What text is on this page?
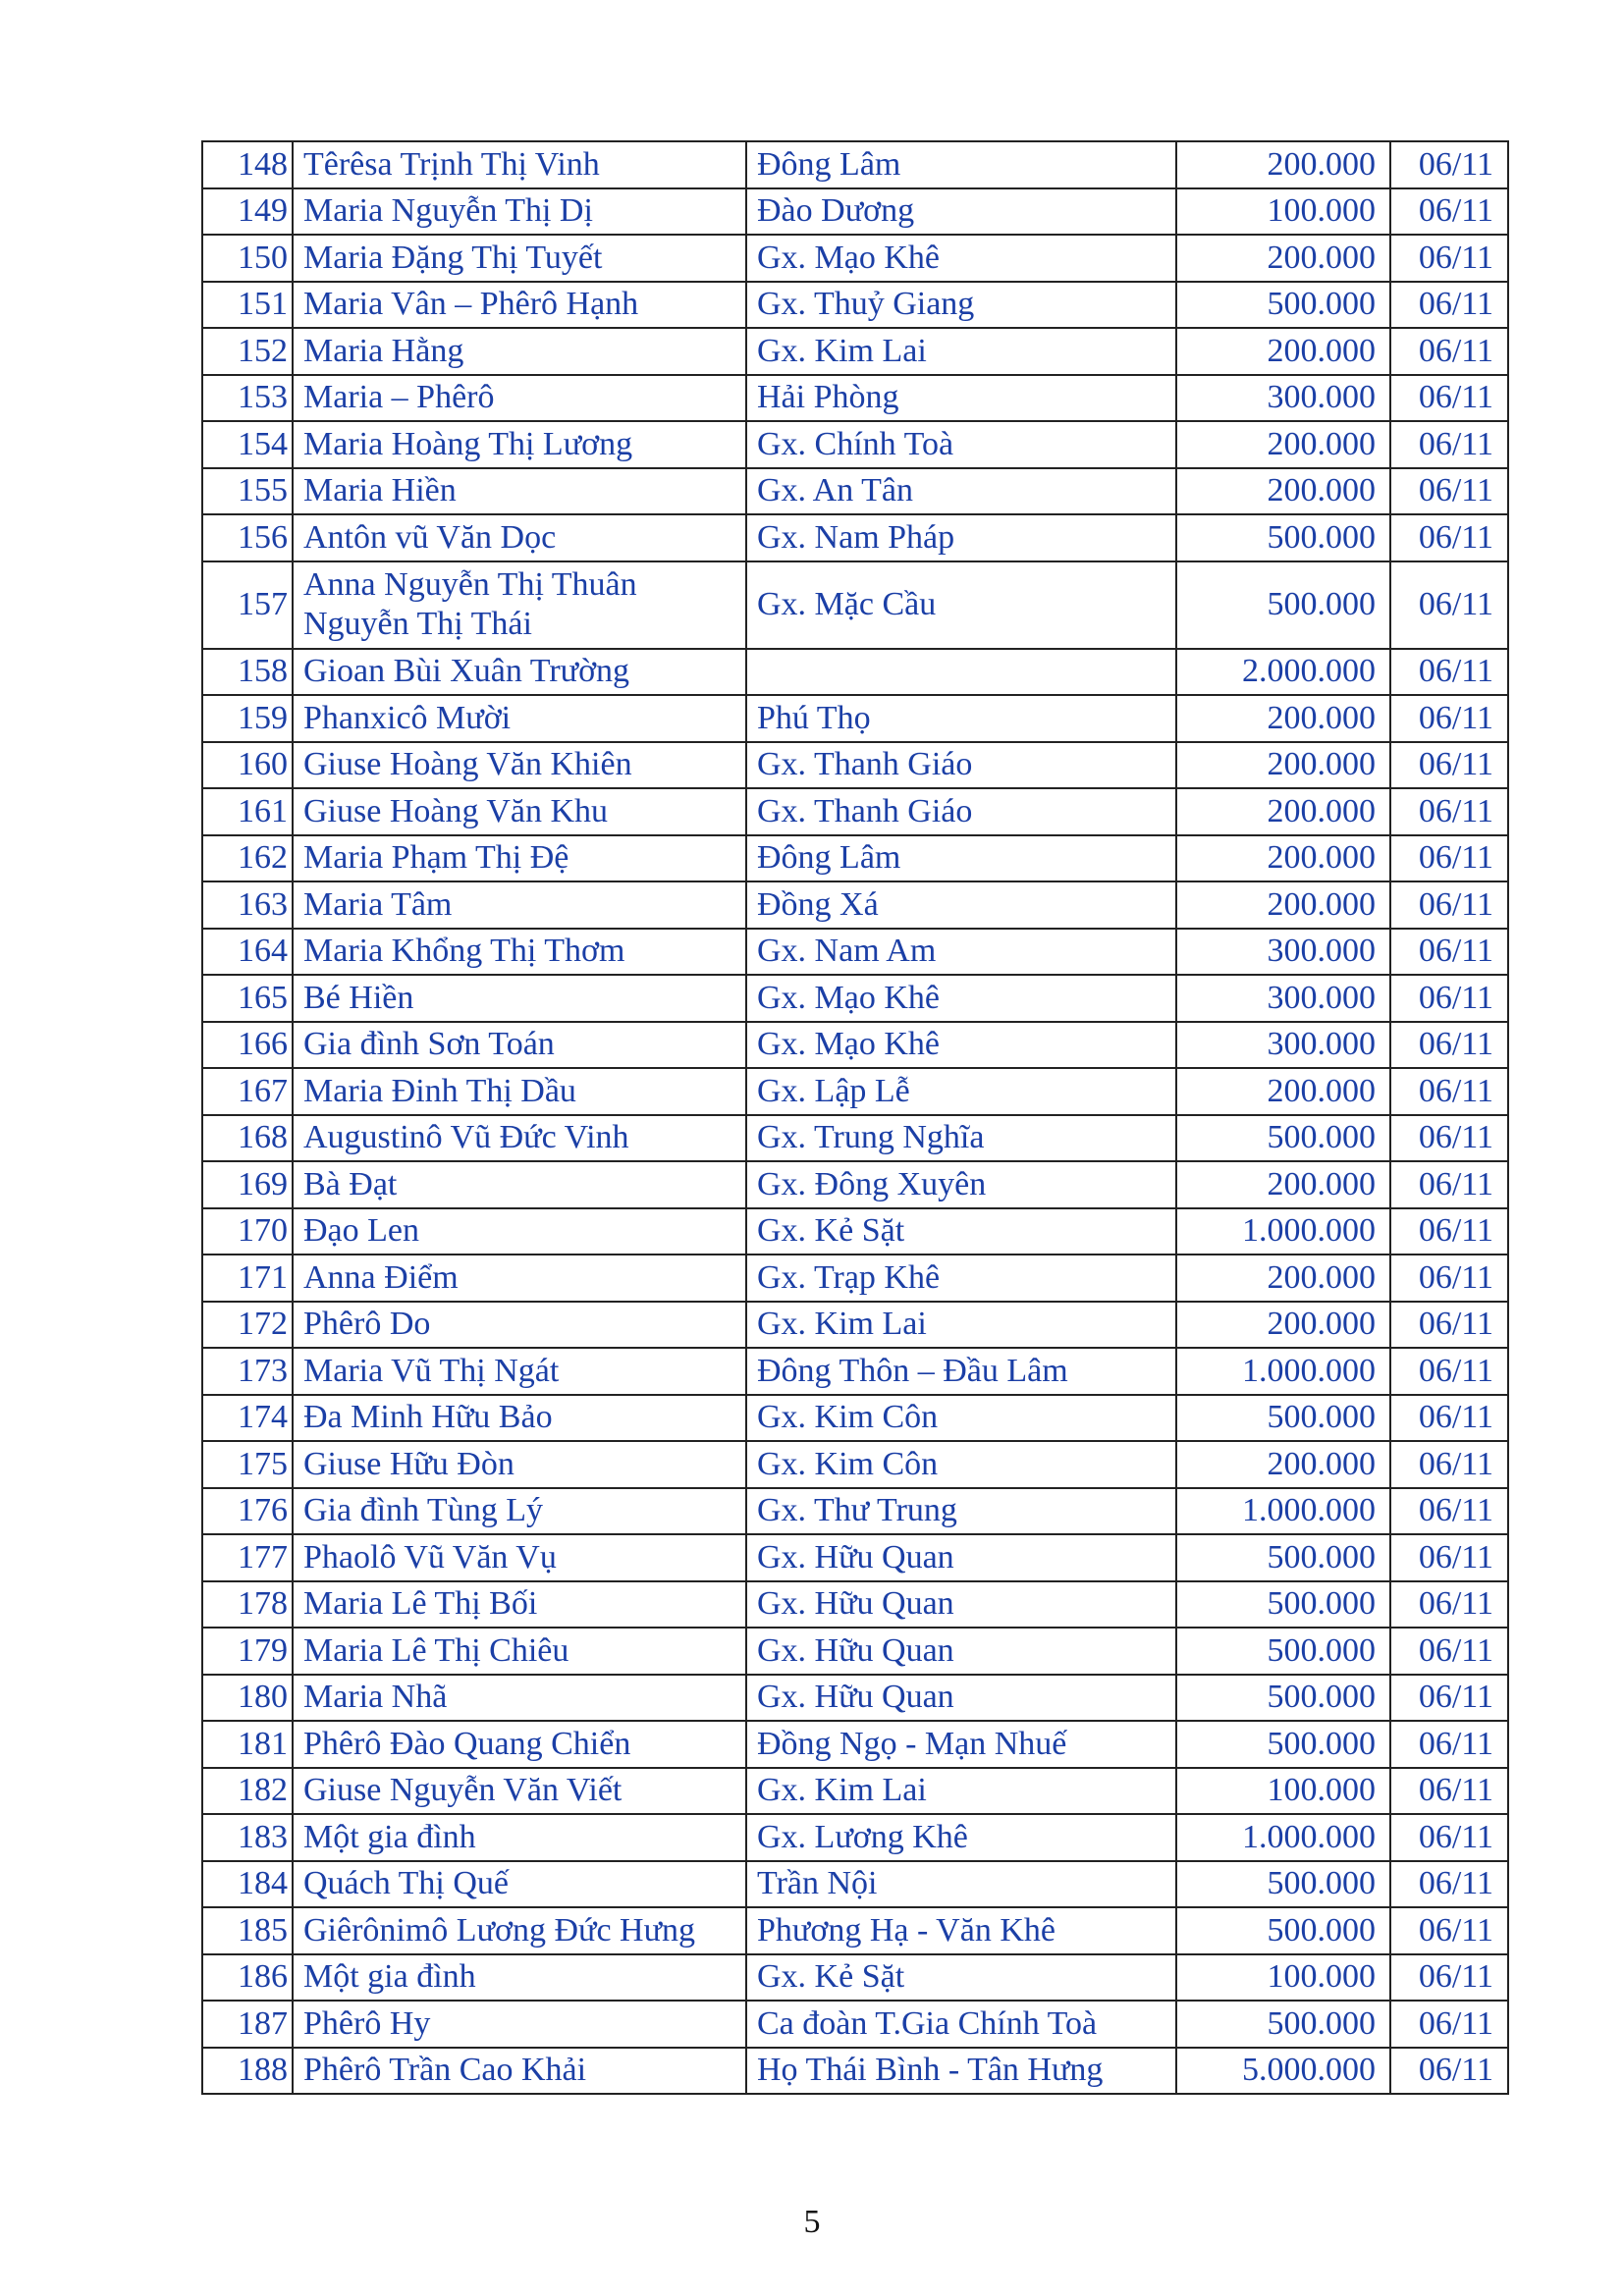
148	Têrêsa Trịnh Thị Vinh	Đông Lâm	200.000	06/11
149	Maria Nguyễn Thị Dị	Đào Dương	100.000	06/11
150	Maria Đặng Thị Tuyết	Gx. Mạo Khê	200.000	06/11
151	Maria Vân – Phêrô Hạnh	Gx. Thuỷ Giang	500.000	06/11
152	Maria Hằng	Gx. Kim Lai	200.000	06/11
153	Maria – Phêrô	Hải Phòng	300.000	06/11
154	Maria Hoàng Thị Lương	Gx. Chính Toà	200.000	06/11
155	Maria Hiền	Gx. An Tân	200.000	06/11
156	Antôn vũ Văn Dọc	Gx. Nam Pháp	500.000	06/11
157	Anna Nguyễn Thị Thuân
Nguyễn Thị Thái	Gx. Mặc Cầu	500.000	06/11
158	Gioan Bùi Xuân Trường		2.000.000	06/11
159	Phanxicô Mười	Phú Thọ	200.000	06/11
160	Giuse Hoàng Văn Khiên	Gx. Thanh Giáo	200.000	06/11
161	Giuse Hoàng Văn Khu	Gx. Thanh Giáo	200.000	06/11
162	Maria Phạm Thị Đệ	Đông Lâm	200.000	06/11
163	Maria Tâm	Đồng Xá	200.000	06/11
164	Maria Khổng Thị Thơm	Gx. Nam Am	300.000	06/11
165	Bé Hiền	Gx. Mạo Khê	300.000	06/11
166	Gia đình Sơn Toán	Gx. Mạo Khê	300.000	06/11
167	Maria Đinh Thị Dầu	Gx. Lập Lễ	200.000	06/11
168	Augustinô Vũ Đức Vinh	Gx. Trung Nghĩa	500.000	06/11
169	Bà Đạt	Gx. Đông Xuyên	200.000	06/11
170	Đạo Len	Gx. Kẻ Sặt	1.000.000	06/11
171	Anna Điểm	Gx. Trạp Khê	200.000	06/11
172	Phêrô Do	Gx. Kim Lai	200.000	06/11
173	Maria Vũ Thị Ngát	Đông Thôn – Đầu Lâm	1.000.000	06/11
174	Đa Minh Hữu Bảo	Gx. Kim Côn	500.000	06/11
175	Giuse Hữu Đòn	Gx. Kim Côn	200.000	06/11
176	Gia đình Tùng Lý	Gx. Thư Trung	1.000.000	06/11
177	Phaolô Vũ Văn Vụ	Gx. Hữu Quan	500.000	06/11
178	Maria Lê Thị Bối	Gx. Hữu Quan	500.000	06/11
179	Maria Lê Thị Chiêu	Gx. Hữu Quan	500.000	06/11
180	Maria Nhã	Gx. Hữu Quan	500.000	06/11
181	Phêrô Đào Quang Chiển	Đồng Ngọ - Mạn Nhuế	500.000	06/11
182	Giuse Nguyễn Văn Viết	Gx. Kim Lai	100.000	06/11
183	Một gia đình	Gx. Lương Khê	1.000.000	06/11
184	Quách Thị Quế	Trần Nội	500.000	06/11
185	Giêrônimô Lương Đức Hưng	Phương Hạ - Văn Khê	500.000	06/11
186	Một gia đình	Gx. Kẻ Sặt	100.000	06/11
187	Phêrô Hy	Ca đoàn T.Gia Chính Toà	500.000	06/11
188	Phêrô Trần Cao Khải	Họ Thái Bình - Tân Hưng	5.000.000	06/11
5
